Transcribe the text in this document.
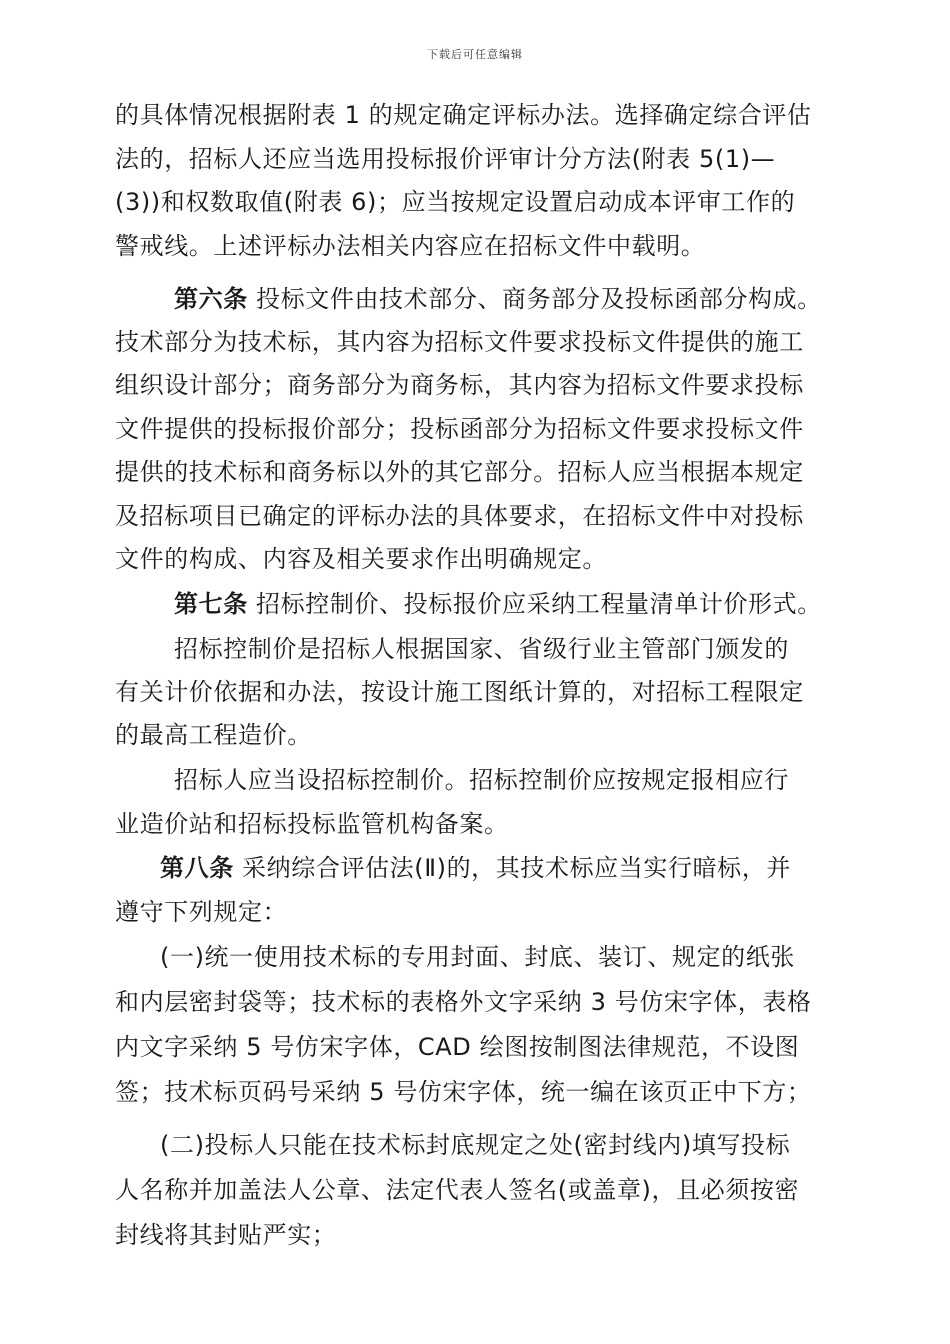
下载后可任意编辑
的具体情况根据附表 1 的规定确定评标办法。选择确定综合评估
法的，招标人还应当选用投标报价评审计分方法(附表 5(1)—
(3))和权数取值(附表 6)；应当按规定设置启动成本评审工作的
警戒线。上述评标办法相关内容应在招标文件中载明。
第六条 投标文件由技术部分、商务部分及投标函部分构成。
技术部分为技术标，其内容为招标文件要求投标文件提供的施工
组织设计部分；商务部分为商务标，其内容为招标文件要求投标
文件提供的投标报价部分；投标函部分为招标文件要求投标文件
提供的技术标和商务标以外的其它部分。招标人应当根据本规定
及招标项目已确定的评标办法的具体要求，在招标文件中对投标
文件的构成、内容及相关要求作出明确规定。
第七条 招标控制价、投标报价应采纳工程量清单计价形式。
招标控制价是招标人根据国家、省级行业主管部门颁发的
有关计价依据和办法，按设计施工图纸计算的，对招标工程限定
的最高工程造价。
招标人应当设招标控制价。招标控制价应按规定报相应行
业造价站和招标投标监管机构备案。
第八条 采纳综合评估法(Ⅱ)的，其技术标应当实行暗标，并
遵守下列规定：
(一)统一使用技术标的专用封面、封底、装订、规定的纸张
和内层密封袋等；技术标的表格外文字采纳 3 号仿宋字体，表格
内文字采纳 5 号仿宋字体，CAD 绘图按制图法律规范，不设图
签；技术标页码号采纳 5 号仿宋字体，统一编在该页正中下方；
(二)投标人只能在技术标封底规定之处(密封线内)填写投标
人名称并加盖法人公章、法定代表人签名(或盖章)，且必须按密
封线将其封贴严实；
